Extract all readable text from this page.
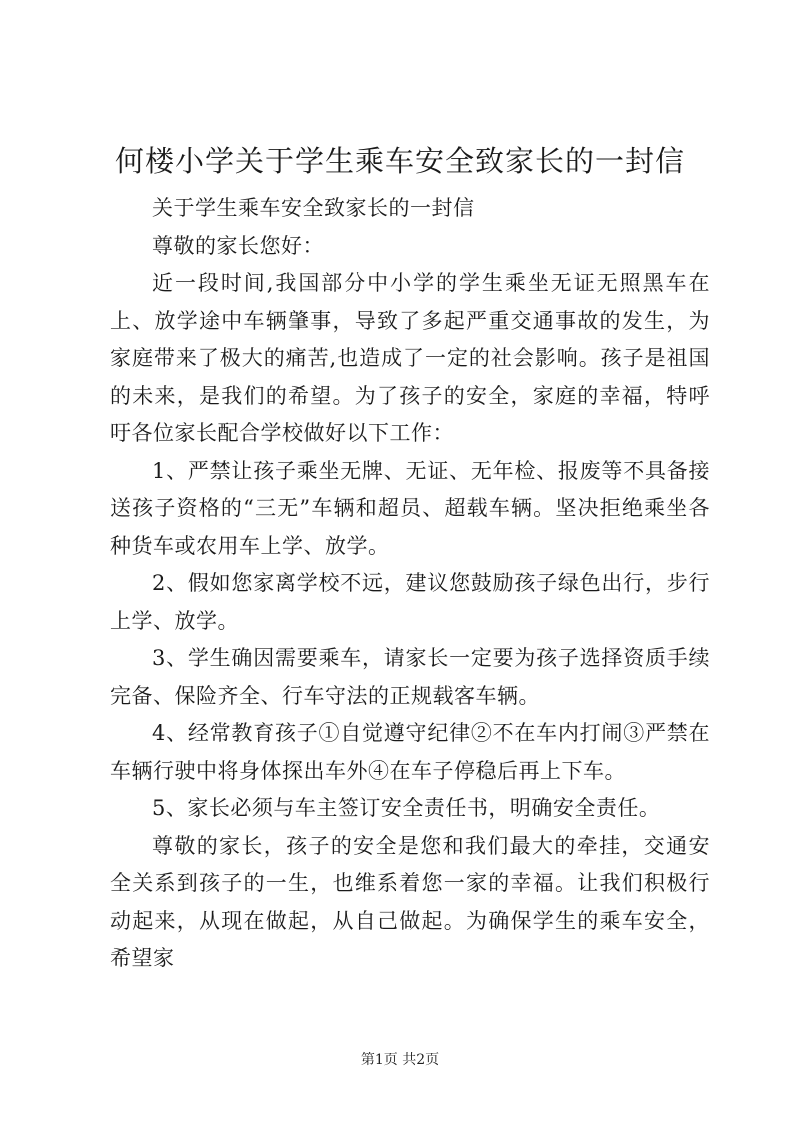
何楼小学关于学生乘车安全致家长的一封信

关于学生乘车安全致家长的一封信

尊敬的家长您好：

近一段时间,我国部分中小学的学生乘坐无证无照黑车在上、放学途中车辆肇事，导致了多起严重交通事故的发生，为家庭带来了极大的痛苦,也造成了一定的社会影响。孩子是祖国的未来，是我们的希望。为了孩子的安全，家庭的幸福，特呼吁各位家长配合学校做好以下工作：

1、严禁让孩子乘坐无牌、无证、无年检、报废等不具备接送孩子资格的“三无”车辆和超员、超载车辆。坚决拒绝乘坐各种货车或农用车上学、放学。

2、假如您家离学校不远，建议您鼓励孩子绿色出行，步行上学、放学。

3、学生确因需要乘车，请家长一定要为孩子选择资质手续完备、保险齐全、行车守法的正规载客车辆。

4、经常教育孩子①自觉遵守纪律②不在车内打闹③严禁在车辆行驶中将身体探出车外④在车子停稳后再上下车。

5、家长必须与车主签订安全责任书，明确安全责任。

尊敬的家长，孩子的安全是您和我们最大的牵挂，交通安全关系到孩子的一生，也维系着您一家的幸福。让我们积极行动起来，从现在做起，从自己做起。为确保学生的乘车安全，希望家

第1页 共2页
